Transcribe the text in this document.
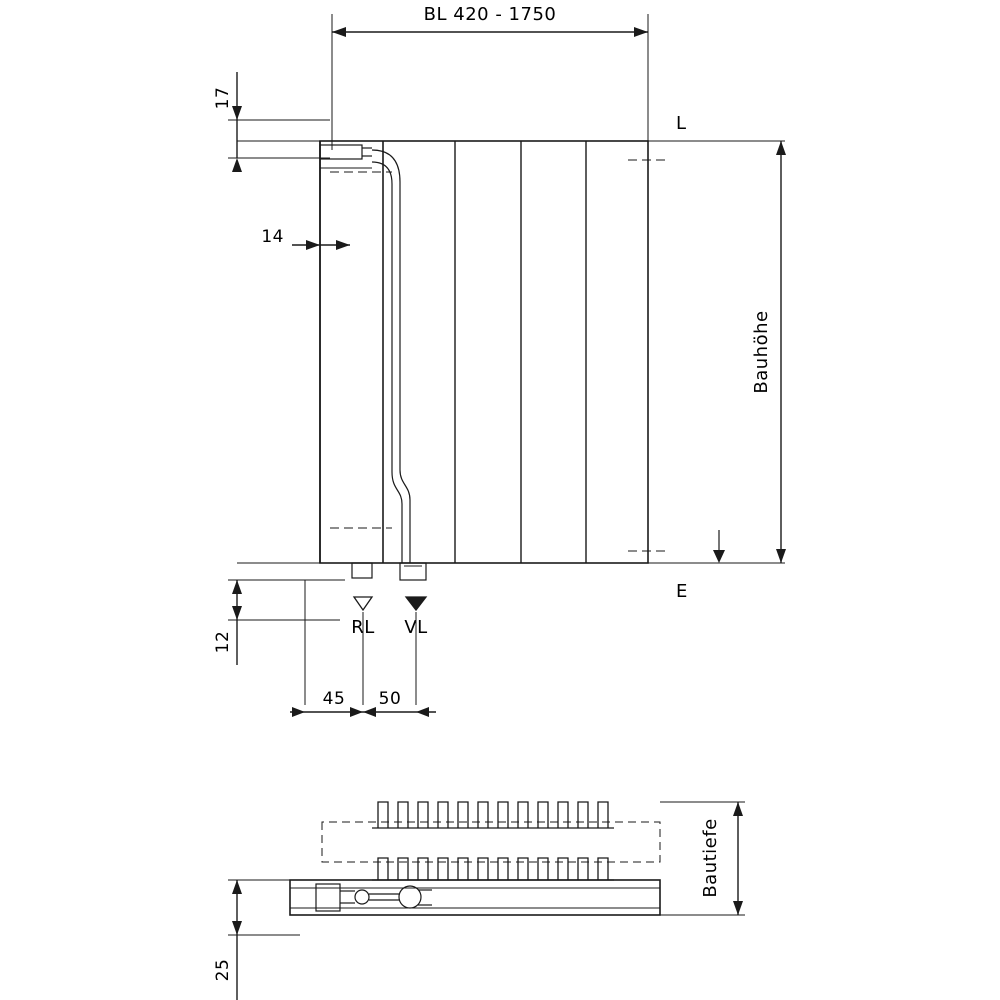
BL 420 - 1750
17
L
E
Bauhöhe
14
12
RL VL
45 50
Bautiefe
25
